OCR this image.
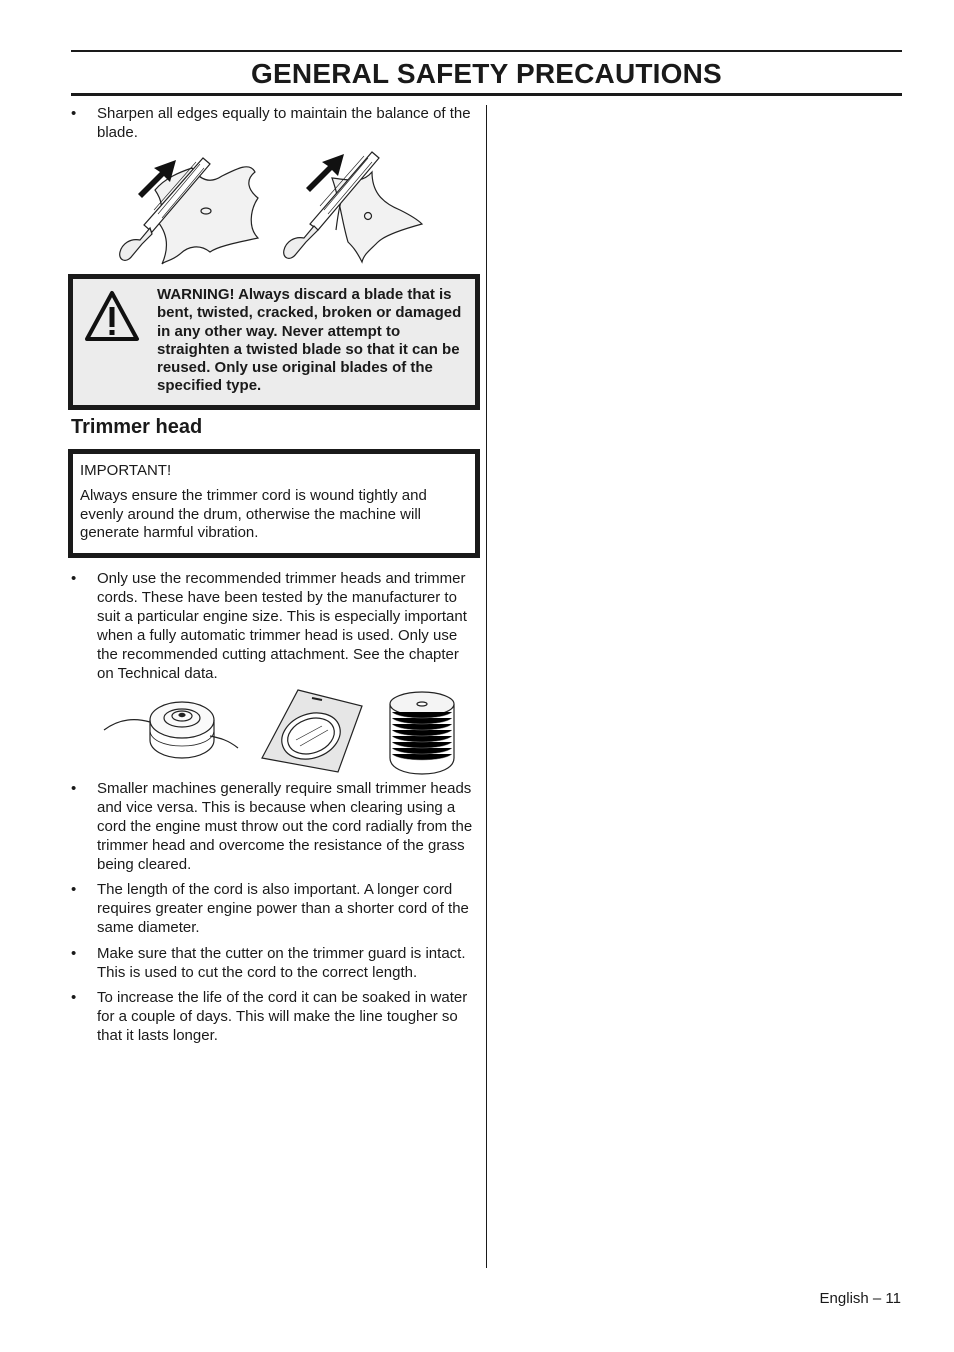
GENERAL SAFETY PRECAUTIONS
•	Sharpen all edges equally to maintain the balance of the blade.
WARNING! Always discard a blade that is bent, twisted, cracked, broken or damaged in any other way. Never attempt to straighten a twisted blade so that it can be reused. Only use original blades of the specified type.
Trimmer head
IMPORTANT!
Always ensure the trimmer cord is wound tightly and evenly around the drum, otherwise the machine will generate harmful vibration.
•	Only use the recommended trimmer heads and trimmer cords. These have been tested by the manufacturer to suit a particular engine size. This is especially important when a fully automatic trimmer head is used. Only use the recommended cutting attachment. See the chapter on Technical data.
•	Smaller machines generally require small trimmer heads and vice versa. This is because when clearing using a cord the engine must throw out the cord radially from the trimmer head and overcome the resistance of the grass being cleared.
•	The length of the cord is also important. A longer cord requires greater engine power than a shorter cord of the same diameter.
•	Make sure that the cutter on the trimmer guard is intact. This is used to cut the cord to the correct length.
•	To increase the life of the cord it can be soaked in water for a couple of days. This will make the line tougher so that it lasts longer.
English – 11
